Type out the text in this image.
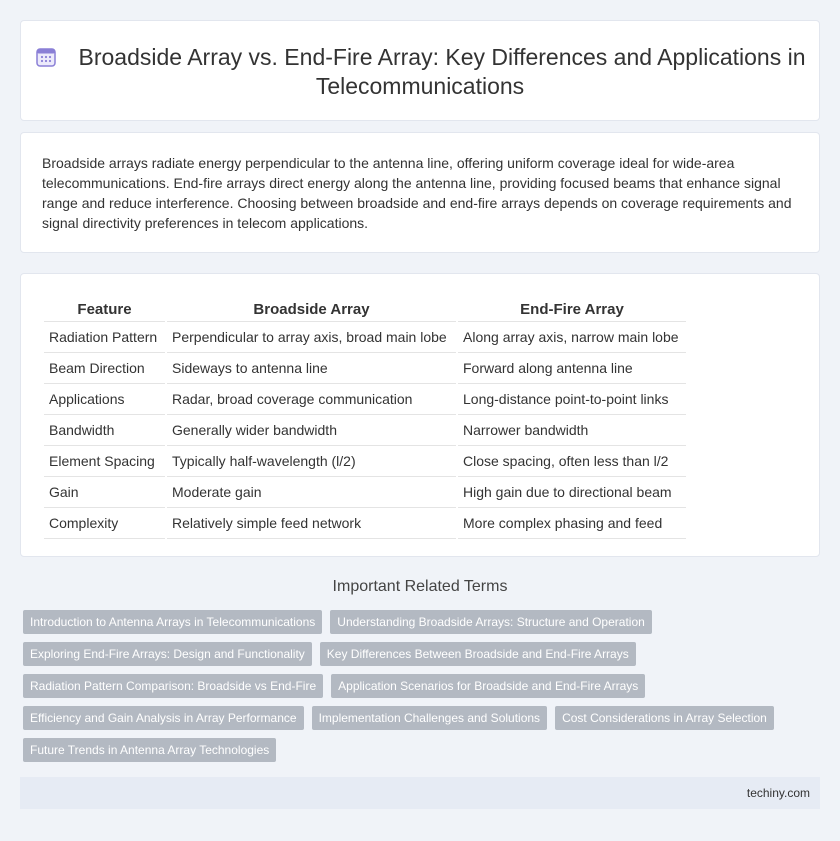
Broadside Array vs. End-Fire Array: Key Differences and Applications in Telecommunications

Broadside arrays radiate energy perpendicular to the antenna line, offering uniform coverage ideal for wide-area telecommunications. End-fire arrays direct energy along the antenna line, providing focused beams that enhance signal range and reduce interference. Choosing between broadside and end-fire arrays depends on coverage requirements and signal directivity preferences in telecom applications.

Feature	Broadside Array	End-Fire Array
Radiation Pattern	Perpendicular to array axis, broad main lobe	Along array axis, narrow main lobe
Beam Direction	Sideways to antenna line	Forward along antenna line
Applications	Radar, broad coverage communication	Long-distance point-to-point links
Bandwidth	Generally wider bandwidth	Narrower bandwidth
Element Spacing	Typically half-wavelength (l/2)	Close spacing, often less than l/2
Gain	Moderate gain	High gain due to directional beam
Complexity	Relatively simple feed network	More complex phasing and feed
Important Related Terms
Introduction to Antenna Arrays in Telecommunications	Understanding Broadside Arrays: Structure and Operation
Exploring End-Fire Arrays: Design and Functionality	Key Differences Between Broadside and End-Fire Arrays
Radiation Pattern Comparison: Broadside vs End-Fire	Application Scenarios for Broadside and End-Fire Arrays
Efficiency and Gain Analysis in Array Performance	Implementation Challenges and Solutions	Cost Considerations in Array Selection
Future Trends in Antenna Array Technologies
techiny.com
